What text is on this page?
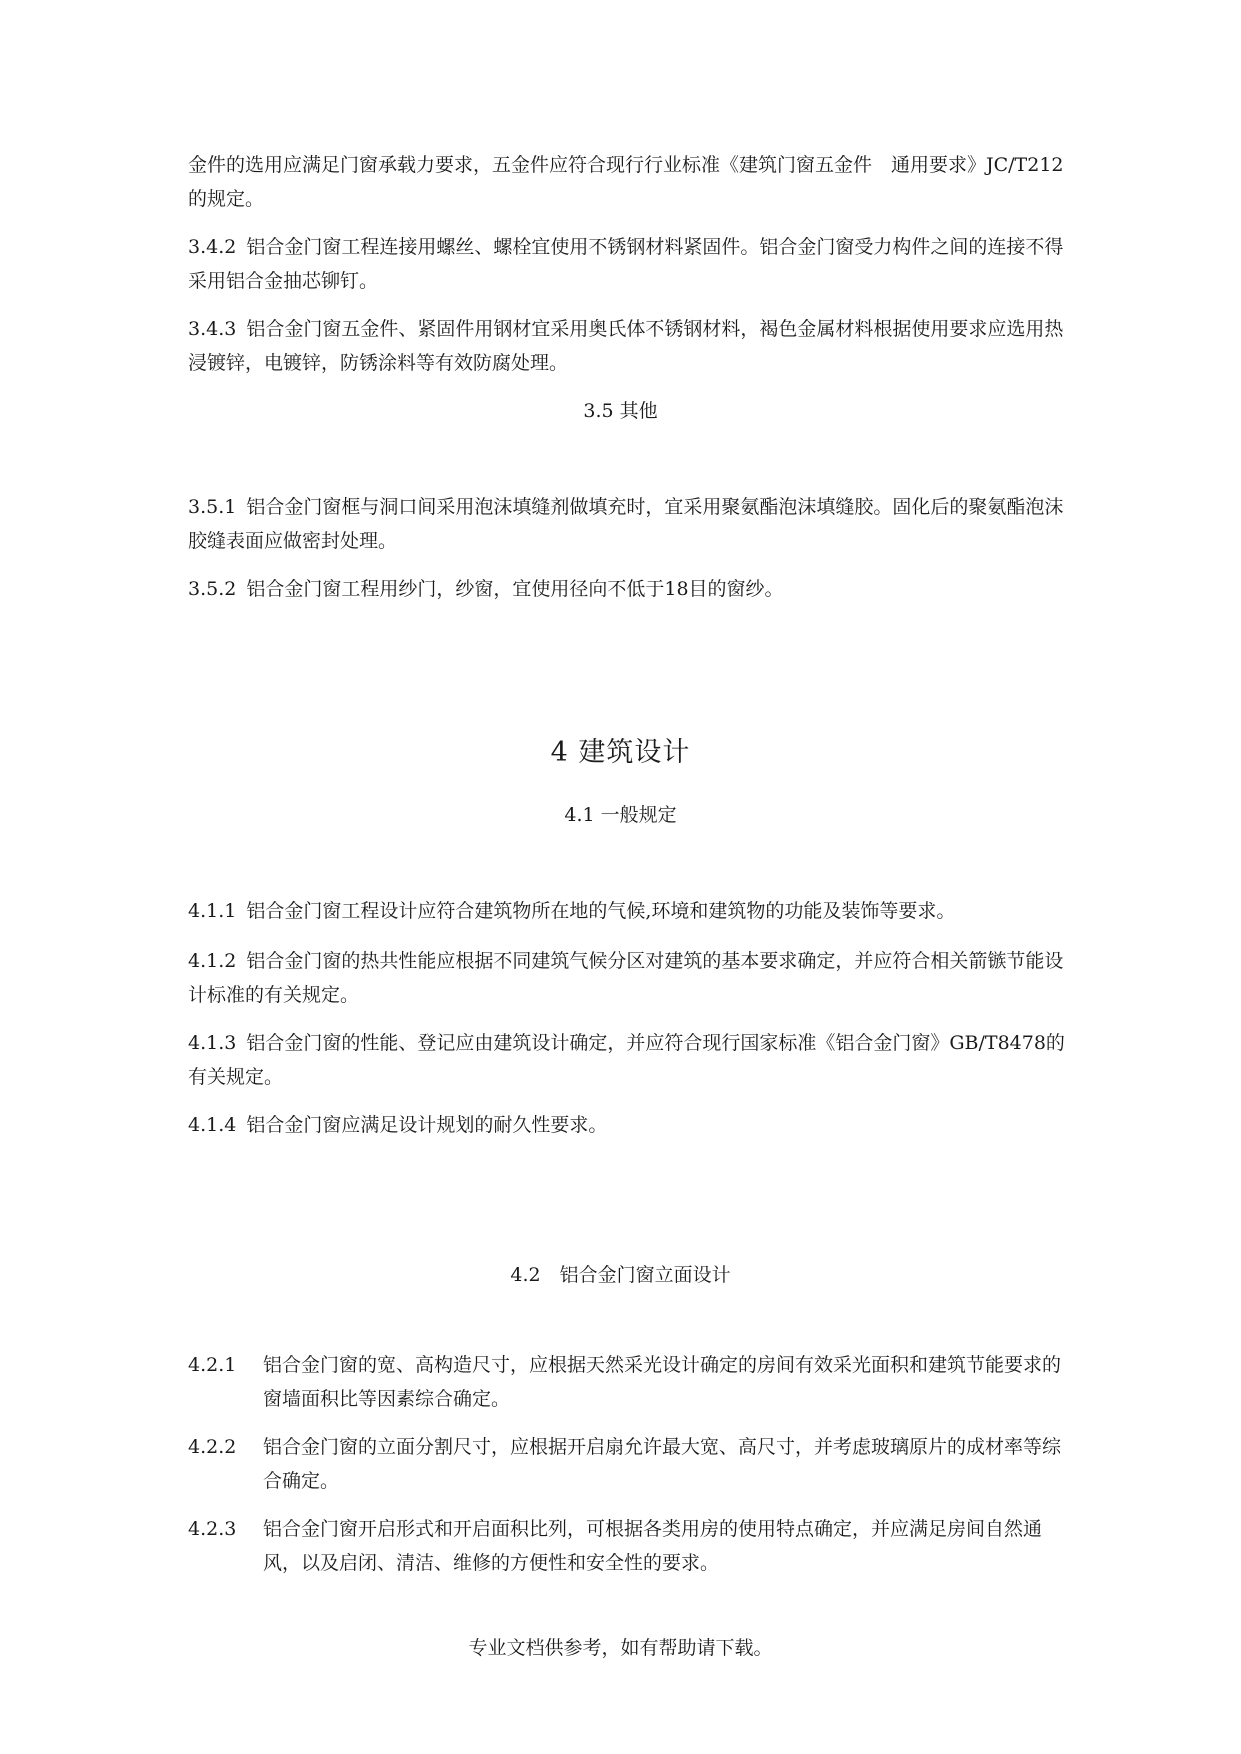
金件的选用应满足门窗承载力要求，五金件应符合现行行业标准《建筑门窗五金件　通用要求》JC/T212的规定。

3.4.2 铝合金门窗工程连接用螺丝、螺栓宜使用不锈钢材料紧固件。铝合金门窗受力构件之间的连接不得采用铝合金抽芯铆钉。

3.4.3 铝合金门窗五金件、紧固件用钢材宜采用奥氏体不锈钢材料，褐色金属材料根据使用要求应选用热浸镀锌，电镀锌，防锈涂料等有效防腐处理。

3.5 其他

3.5.1 铝合金门窗框与洞口间采用泡沫填缝剂做填充时，宜采用聚氨酯泡沫填缝胶。固化后的聚氨酯泡沫胶缝表面应做密封处理。

3.5.2 铝合金门窗工程用纱门，纱窗，宜使用径向不低于18目的窗纱。

4 建筑设计

4.1 一般规定

4.1.1 铝合金门窗工程设计应符合建筑物所在地的气候,环境和建筑物的功能及装饰等要求。

4.1.2 铝合金门窗的热共性能应根据不同建筑气候分区对建筑的基本要求确定，并应符合相关箭镞节能设计标准的有关规定。

4.1.3 铝合金门窗的性能、登记应由建筑设计确定，并应符合现行国家标准《铝合金门窗》GB/T8478的有关规定。

4.1.4 铝合金门窗应满足设计规划的耐久性要求。

4.2　铝合金门窗立面设计

4.2.1 铝合金门窗的宽、高构造尺寸，应根据天然采光设计确定的房间有效采光面积和建筑节能要求的窗墙面积比等因素综合确定。
4.2.2 铝合金门窗的立面分割尺寸，应根据开启扇允许最大宽、高尺寸，并考虑玻璃原片的成材率等综合确定。
4.2.3 铝合金门窗开启形式和开启面积比列，可根据各类用房的使用特点确定，并应满足房间自然通风，以及启闭、清洁、维修的方便性和安全性的要求。

专业文档供参考，如有帮助请下载。
